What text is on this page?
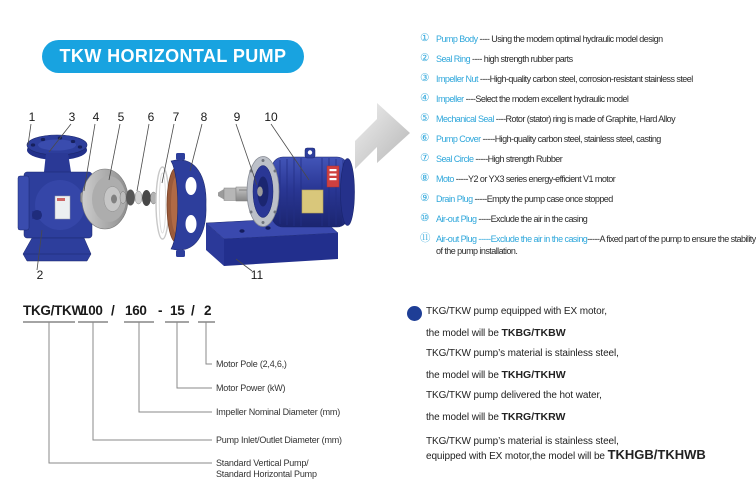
TKW HORIZONTAL PUMP
1	3 4 5 6 7 8 9 10
2	11
① Pump Body ---- Using the modern optimal hydraulic model design
② Seal Ring ---- high strength rubber parts
③ Impeller Nut ----High-quality carbon steel, corrosion-resistant stainless steel
④ Impeller ----Select the modern excellent hydraulic model
⑤ Mechanical Seal ----Rotor (stator) ring is made of Graphite, Hard Alloy
⑥ Pump Cover -----High-quality carbon steel, stainless steel, casting
⑦ Seal Circle -----High strength Rubber
⑧ Moto -----Y2 or YX3 series energy-efficient V1 motor
⑨ Drain Plug -----Empty the pump case once stopped
⑩ Air-out Plug -----Exclude the air in the casing
⑪ Air-out Plug -----Exclude the air in the casing-----A fixed part of the pump to ensure the stability of the pump installation.
TKG/TKW
100 / 160 - 15 / 2
Motor Pole (2,4,6,)
Motor Power (kW)
Impeller Nominal Diameter (mm)
Pump Inlet/Outlet Diameter (mm)
Standard Vertical Pump/
Standard Horizontal Pump
TKG/TKW pump equipped with EX motor,
the model will be TKBG/TKBW
TKG/TKW pump’s material is stainless steel,
the model will be TKHG/TKHW
TKG/TKW pump delivered the hot water,
the model will be TKRG/TKRW
TKG/TKW pump’s material is stainless steel,
equipped with EX motor,the model will be TKHGB/TKHWB
